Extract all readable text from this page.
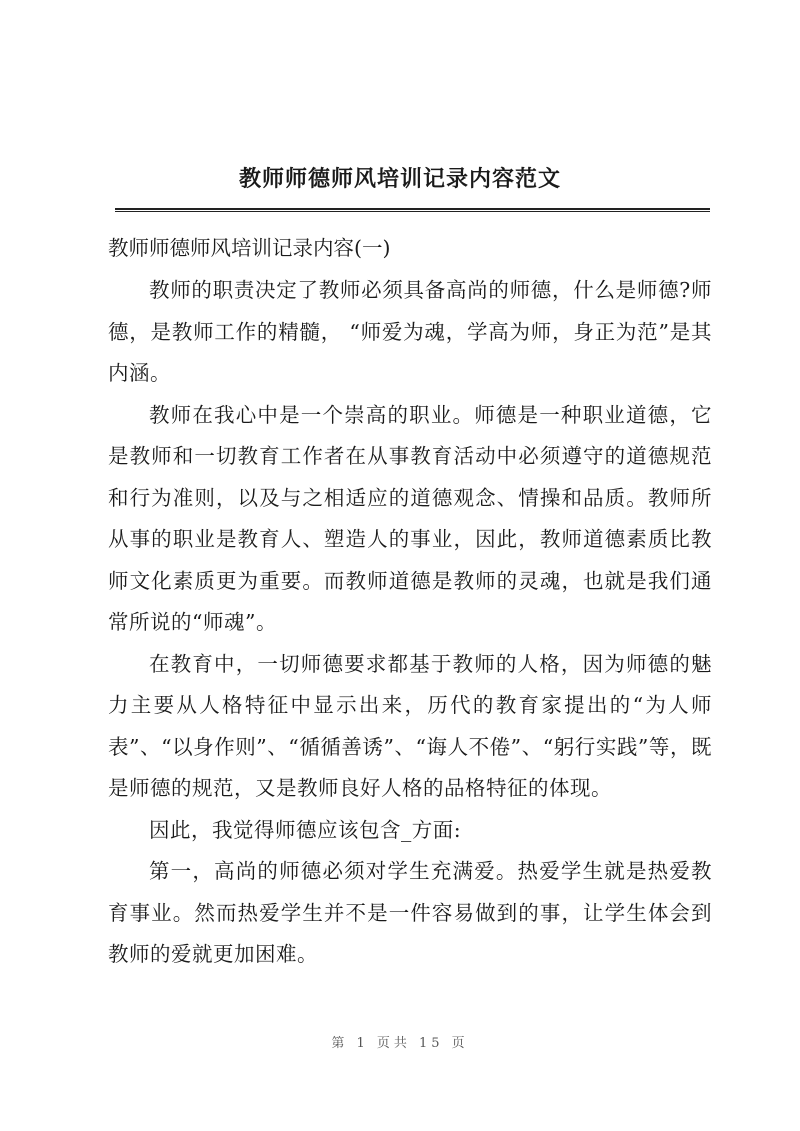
教师师德师风培训记录内容范文
教师师德师风培训记录内容(一)

教师的职责决定了教师必须具备高尚的师德，什么是师德?师德，是教师工作的精髓， “师爱为魂，学高为师，身正为范”是其内涵。

教师在我心中是一个崇高的职业。师德是一种职业道德，它是教师和一切教育工作者在从事教育活动中必须遵守的道德规范和行为准则，以及与之相适应的道德观念、情操和品质。教师所从事的职业是教育人、塑造人的事业，因此，教师道德素质比教师文化素质更为重要。而教师道德是教师的灵魂，也就是我们通常所说的“师魂”。

在教育中，一切师德要求都基于教师的人格，因为师德的魅力主要从人格特征中显示出来，历代的教育家提出的“为人师表”、“以身作则”、“循循善诱”、“诲人不倦”、“躬行实践”等，既是师德的规范，又是教师良好人格的品格特征的体现。

因此，我觉得师德应该包含_方面:

第一，高尚的师德必须对学生充满爱。热爱学生就是热爱教育事业。然而热爱学生并不是一件容易做到的事，让学生体会到教师的爱就更加困难。

第 1 页共 15 页
